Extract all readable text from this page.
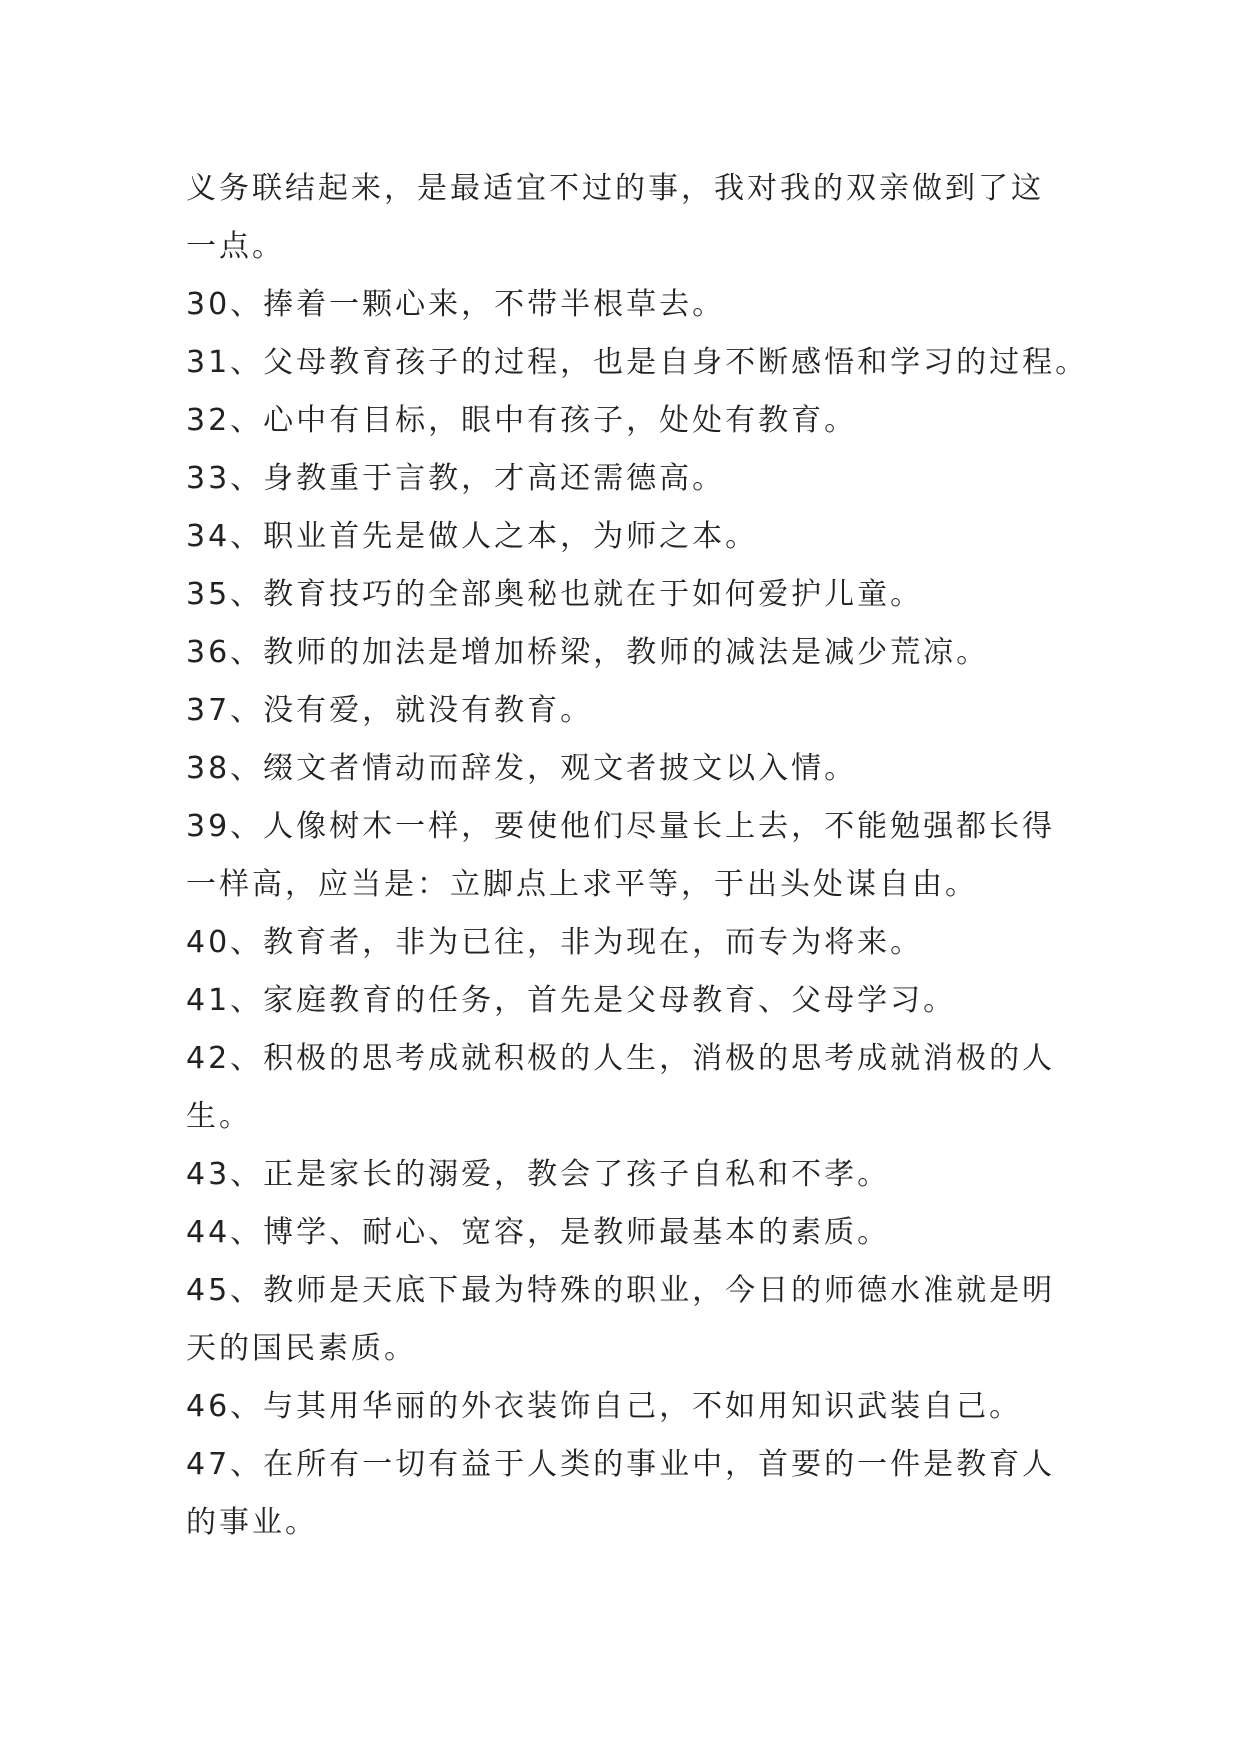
义务联结起来，是最适宜不过的事，我对我的双亲做到了这
一点。
30、捧着一颗心来，不带半根草去。
31、父母教育孩子的过程，也是自身不断感悟和学习的过程。
32、心中有目标，眼中有孩子，处处有教育。
33、身教重于言教，才高还需德高。
34、职业首先是做人之本，为师之本。
35、教育技巧的全部奥秘也就在于如何爱护儿童。
36、教师的加法是增加桥梁，教师的减法是减少荒凉。
37、没有爱，就没有教育。
38、缀文者情动而辞发，观文者披文以入情。
39、人像树木一样，要使他们尽量长上去，不能勉强都长得
一样高，应当是：立脚点上求平等，于出头处谋自由。
40、教育者，非为已往，非为现在，而专为将来。
41、家庭教育的任务，首先是父母教育、父母学习。
42、积极的思考成就积极的人生，消极的思考成就消极的人
生。
43、正是家长的溺爱，教会了孩子自私和不孝。
44、博学、耐心、宽容，是教师最基本的素质。
45、教师是天底下最为特殊的职业，今日的师德水准就是明
天的国民素质。
46、与其用华丽的外衣装饰自己，不如用知识武装自己。
47、在所有一切有益于人类的事业中，首要的一件是教育人
的事业。
